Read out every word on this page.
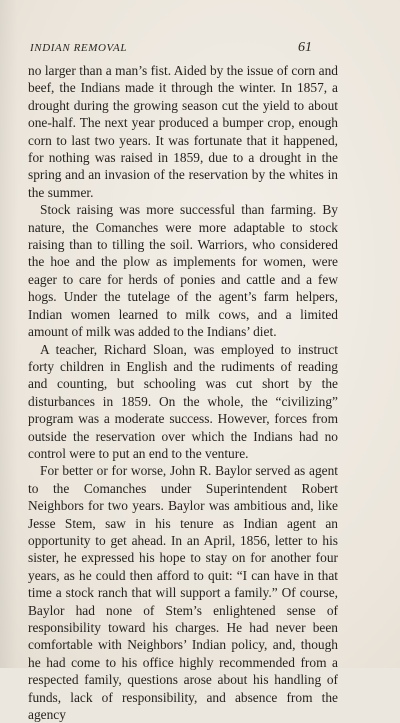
INDIAN REMOVAL	61

no larger than a man’s fist. Aided by the issue of corn and beef, the Indians made it through the winter. In 1857, a drought during the growing season cut the yield to about one-half. The next year produced a bumper crop, enough corn to last two years. It was fortunate that it happened, for nothing was raised in 1859, due to a drought in the spring and an invasion of the reservation by the whites in the summer.

Stock raising was more successful than farming. By nature, the Comanches were more adaptable to stock raising than to tilling the soil. Warriors, who considered the hoe and the plow as implements for women, were eager to care for herds of ponies and cattle and a few hogs. Under the tutelage of the agent’s farm helpers, Indian women learned to milk cows, and a limited amount of milk was added to the Indians’ diet.

A teacher, Richard Sloan, was employed to instruct forty children in English and the rudiments of reading and counting, but schooling was cut short by the disturbances in 1859. On the whole, the “civilizing” program was a moderate success. However, forces from outside the reservation over which the Indians had no control were to put an end to the venture.

For better or for worse, John R. Baylor served as agent to the Comanches under Superintendent Robert Neighbors for two years. Baylor was ambitious and, like Jesse Stem, saw in his tenure as Indian agent an opportunity to get ahead. In an April, 1856, letter to his sister, he expressed his hope to stay on for another four years, as he could then afford to quit: “I can have in that time a stock ranch that will support a family.” Of course, Baylor had none of Stem’s enlightened sense of responsibility toward his charges. He had never been comfortable with Neighbors’ Indian policy, and, though he had come to his office highly recommended from a respected family, questions arose about his handling of funds, lack of responsibility, and absence from the agency
